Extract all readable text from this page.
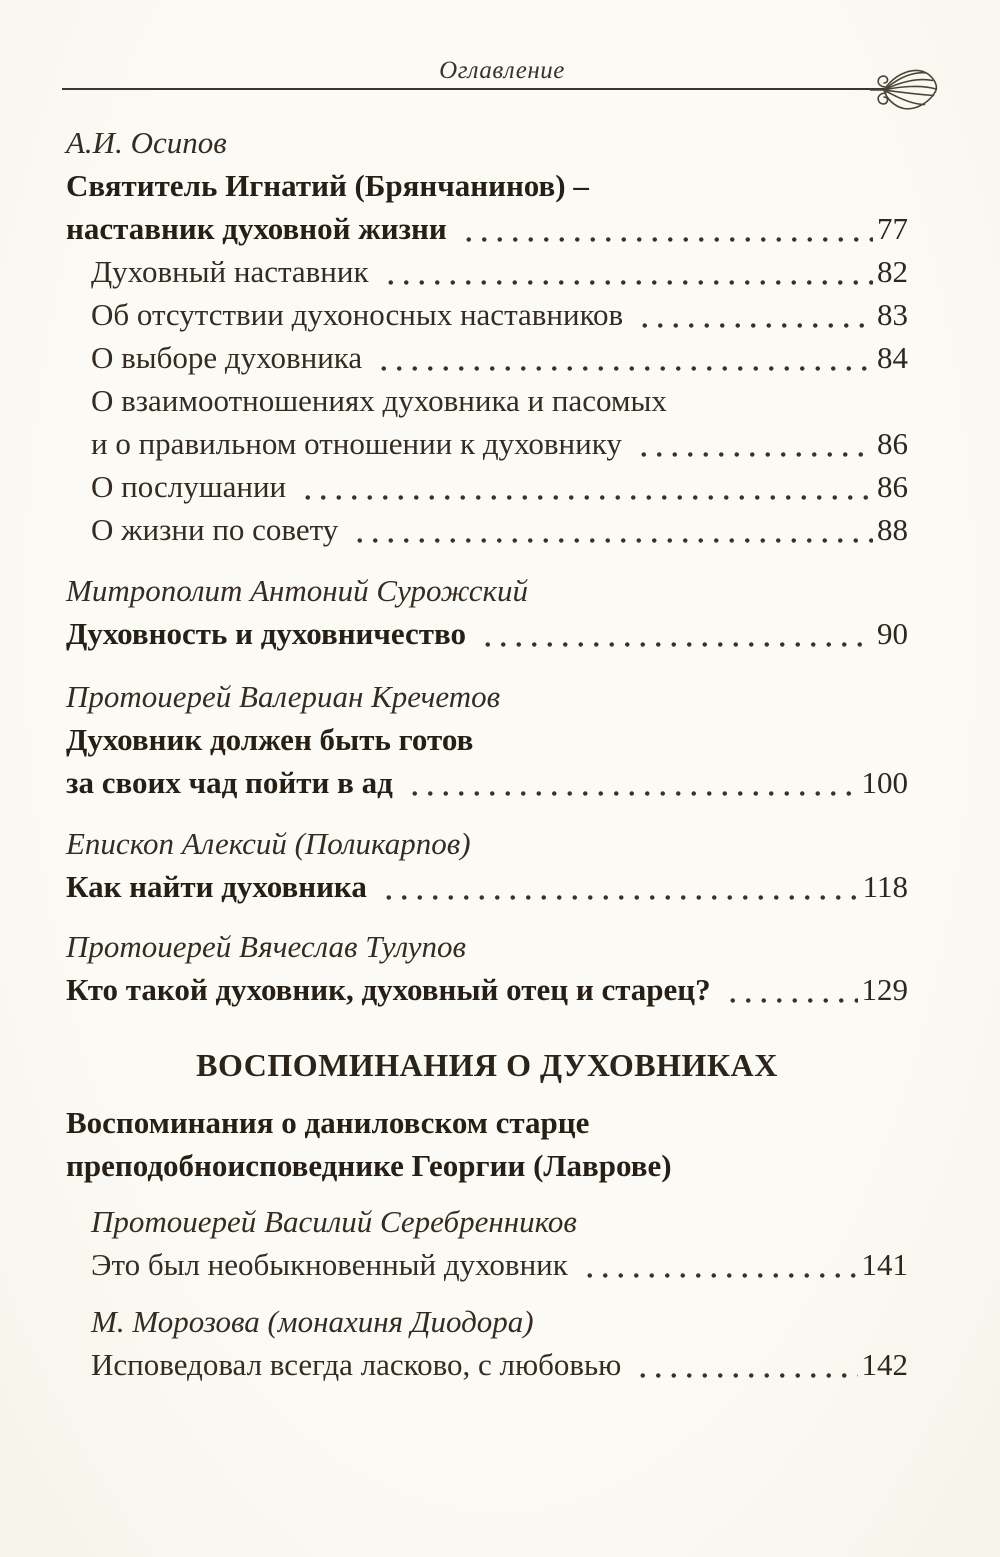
Оглавление
А.И. Осипов
Святитель Игнатий (Брянчанинов) –
наставник духовной жизни	77
Духовный наставник	82
Об отсутствии духоносных наставников	83
О выборе духовника	84
О взаимоотношениях духовника и пасомых
и о правильном отношении к духовнику	86
О послушании	86
О жизни по совету	88
Митрополит Антоний Сурожский
Духовность и духовничество	90
Протоиерей Валериан Кречетов
Духовник должен быть готов
за своих чад пойти в ад	100
Епископ Алексий (Поликарпов)
Как найти духовника	118
Протоиерей Вячеслав Тулупов
Кто такой духовник, духовный отец и старец?	129
ВОСПОМИНАНИЯ О ДУХОВНИКАХ
Воспоминания о даниловском старце
преподобноисповеднике Георгии (Лаврове)
Протоиерей Василий Серебренников
Это был необыкновенный духовник	141
М. Морозова (монахиня Диодора)
Исповедовал всегда ласково, с любовью	142
